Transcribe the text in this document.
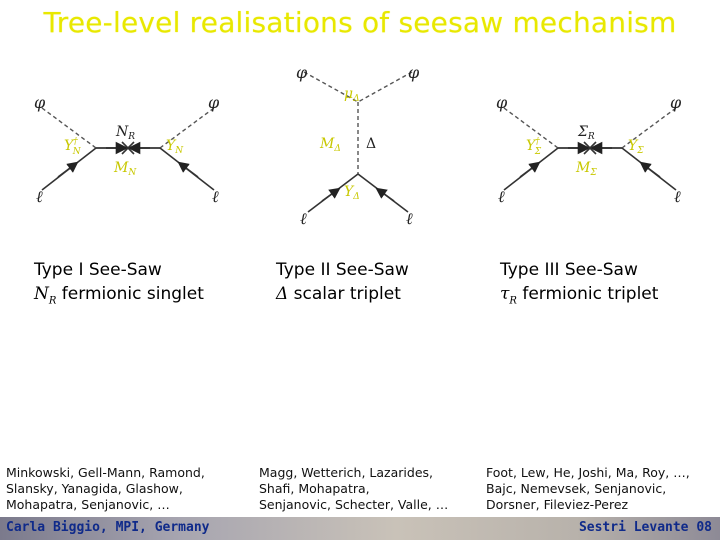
Tree-level realisations of seesaw mechanism
φ	φ
ℓ	ℓ
$N_R$
$M_N$
Y† N	$Y_N$
φ	φ
ℓ	ℓ
$\mu_\Delta$
$M_\Delta$ Δ
$Y_\Delta$
φ	φ
ℓ	ℓ
$\Sigma_R$
$M_\Sigma$
Y† Σ	$Y_\Sigma$
Type I See-Saw
$N_R$ fermionic singlet
Type II See-Saw
Δ scalar triplet
Type III See-Saw
$\tau_R$ fermionic triplet
Minkowski, Gell-Mann, Ramond,
Slansky, Yanagida, Glashow,
Mohapatra, Senjanovic, …
Magg, Wetterich, Lazarides,
Shafi, Mohapatra,
Senjanovic, Schecter, Valle, …
Foot, Lew, He, Joshi, Ma, Roy, …,
Bajc, Nemevsek, Senjanovic,
Dorsner, Fileviez-Perez
Carla Biggio, MPI, Germany	Sestri Levante 08
